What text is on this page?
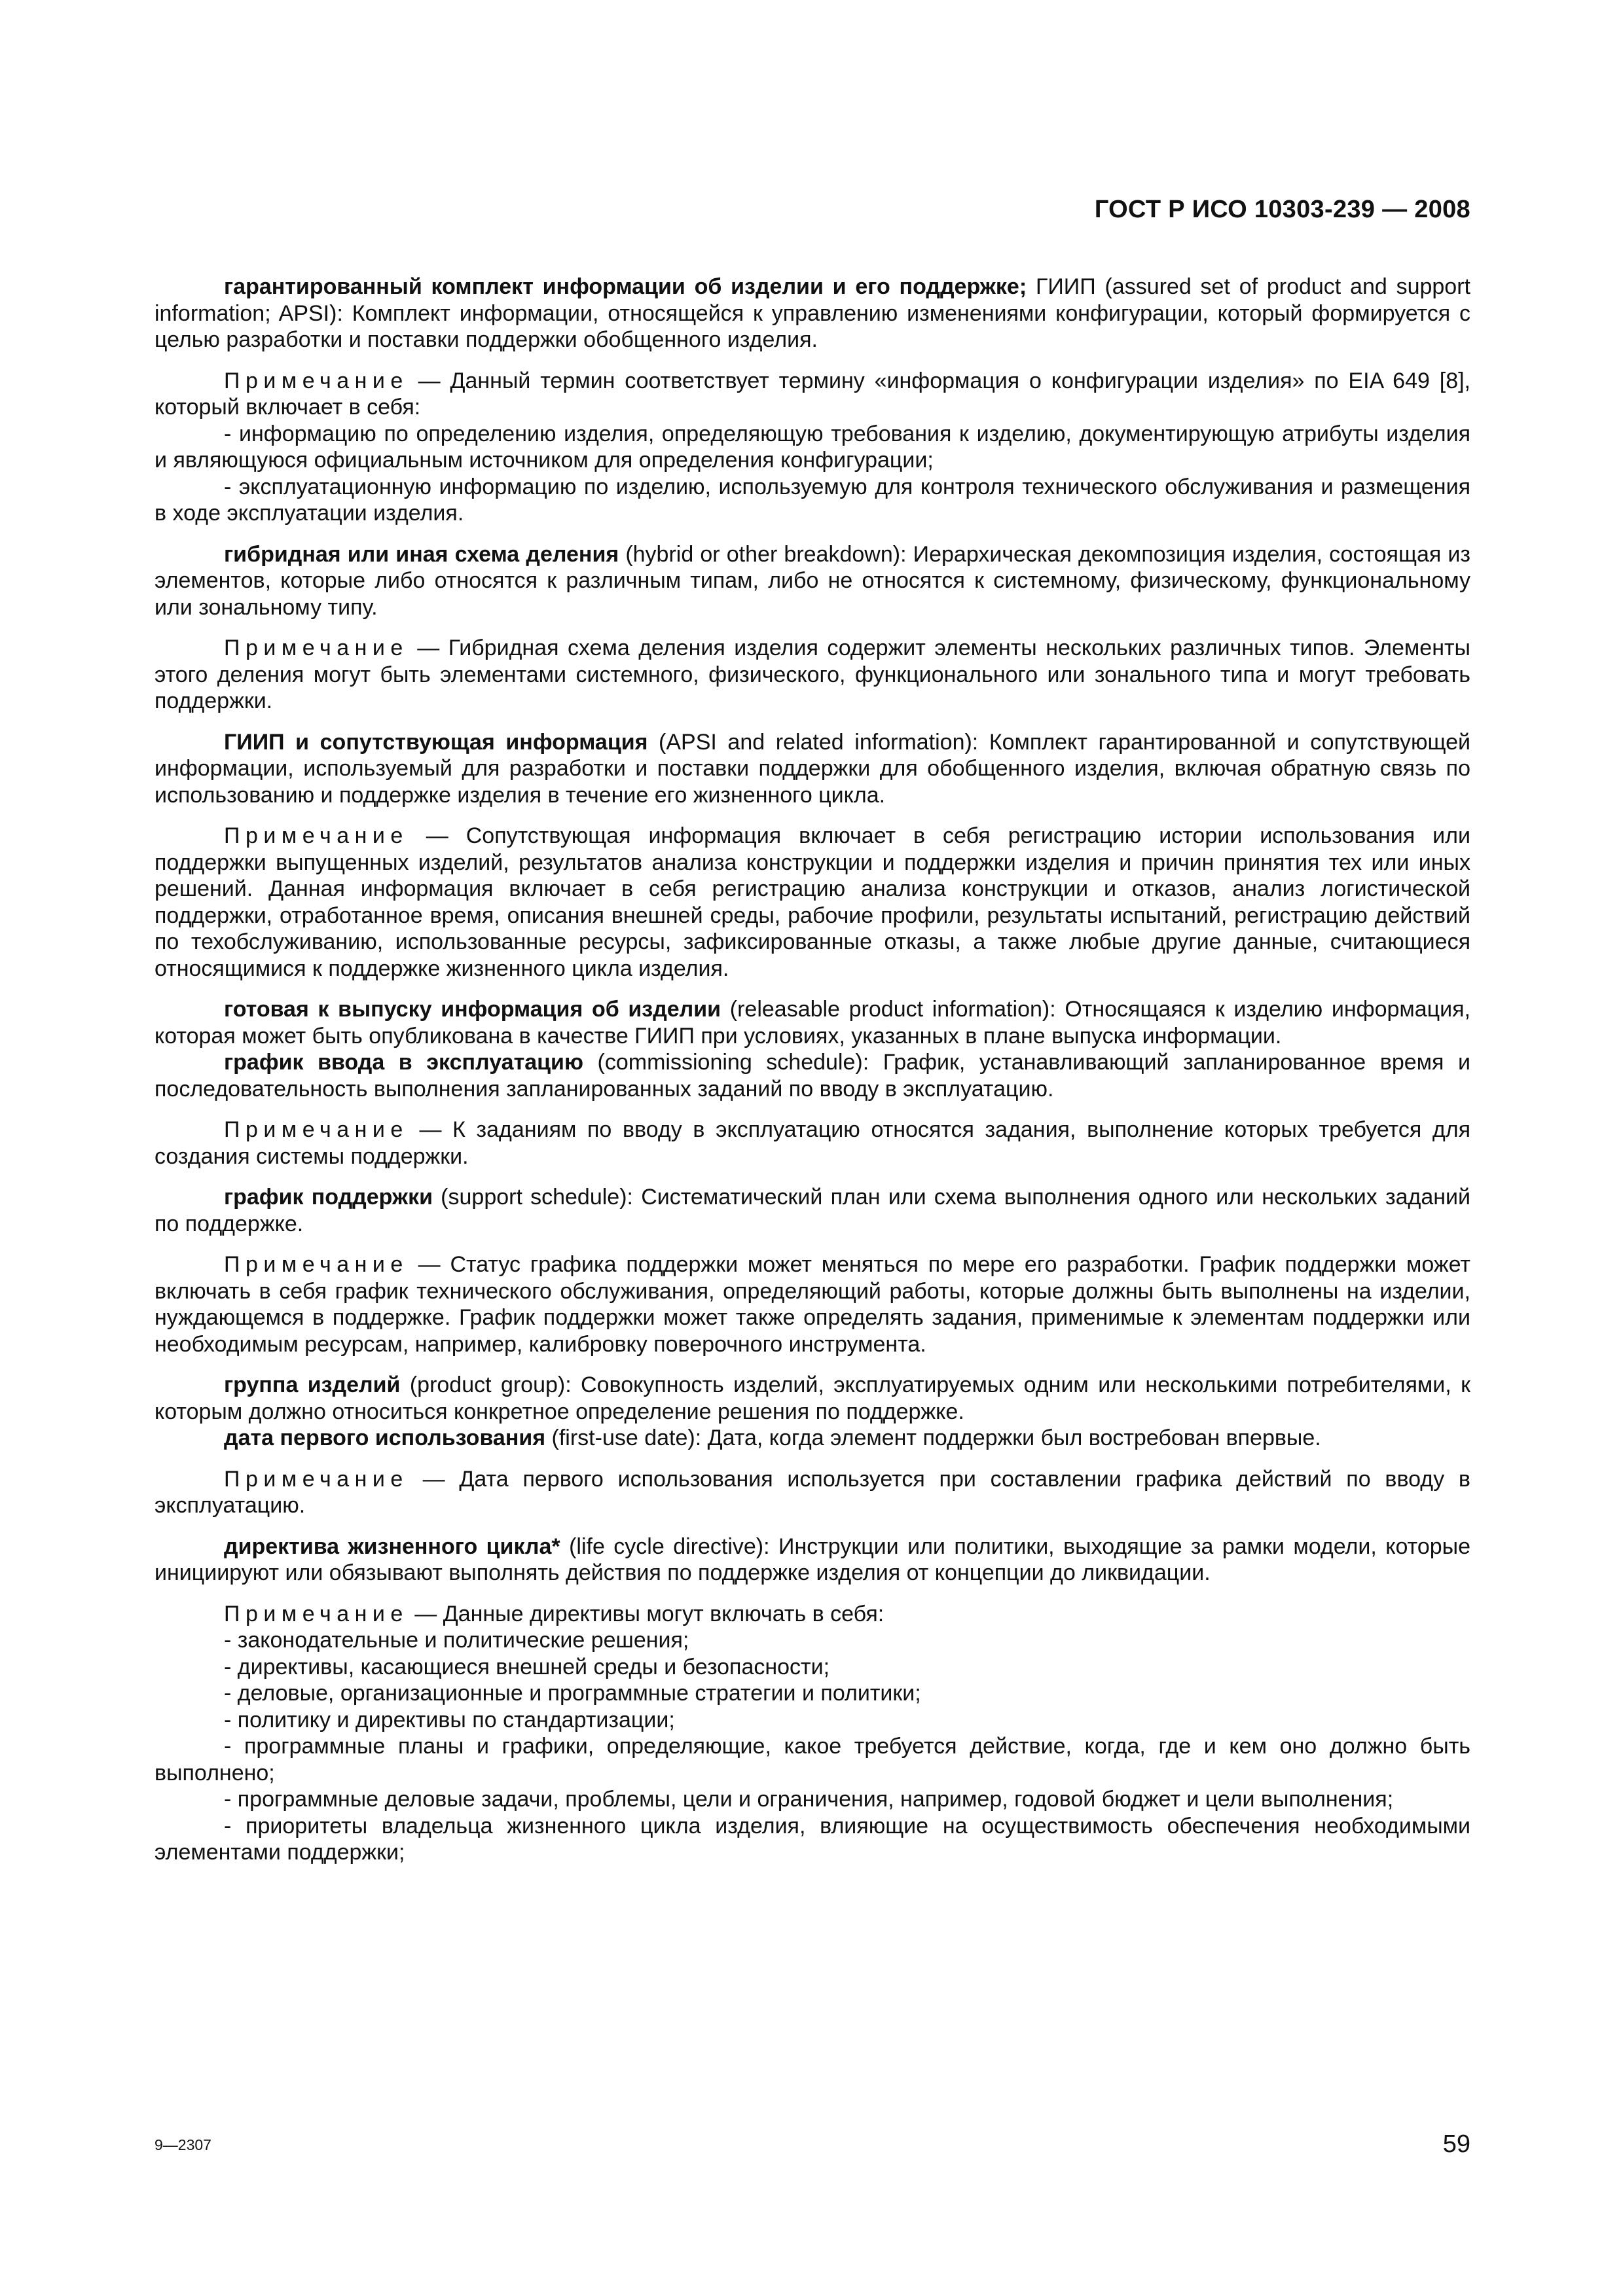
ГОСТ Р ИСО 10303-239 — 2008

гарантированный комплект информации об изделии и его поддержке; ГИИП (assured set of product and support information; APSI): Комплект информации, относящейся к управлению изменениями конфигурации, который формируется с целью разработки и поставки поддержки обобщенного изделия.

Примечание — Данный термин соответствует термину «информация о конфигурации изделия» по EIA 649 [8], который включает в себя:

- информацию по определению изделия, определяющую требования к изделию, документирующую атрибуты изделия и являющуюся официальным источником для определения конфигурации;

- эксплуатационную информацию по изделию, используемую для контроля технического обслуживания и размещения в ходе эксплуатации изделия.

гибридная или иная схема деления (hybrid or other breakdown): Иерархическая декомпозиция изделия, состоящая из элементов, которые либо относятся к различным типам, либо не относятся к системному, физическому, функциональному или зональному типу.

Примечание — Гибридная схема деления изделия содержит элементы нескольких различных типов. Элементы этого деления могут быть элементами системного, физического, функционального или зонального типа и могут требовать поддержки.

ГИИП и сопутствующая информация (APSI and related information): Комплект гарантированной и сопутствующей информации, используемый для разработки и поставки поддержки для обобщенного изделия, включая обратную связь по использованию и поддержке изделия в течение его жизненного цикла.

Примечание — Сопутствующая информация включает в себя регистрацию истории использования или поддержки выпущенных изделий, результатов анализа конструкции и поддержки изделия и причин принятия тех или иных решений. Данная информация включает в себя регистрацию анализа конструкции и отказов, анализ логистической поддержки, отработанное время, описания внешней среды, рабочие профили, результаты испытаний, регистрацию действий по техобслуживанию, использованные ресурсы, зафиксированные отказы, а также любые другие данные, считающиеся относящимися к поддержке жизненного цикла изделия.

готовая к выпуску информация об изделии (releasable product information): Относящаяся к изделию информация, которая может быть опубликована в качестве ГИИП при условиях, указанных в плане выпуска информации.

график ввода в эксплуатацию (commissioning schedule): График, устанавливающий запланированное время и последовательность выполнения запланированных заданий по вводу в эксплуатацию.

Примечание — К заданиям по вводу в эксплуатацию относятся задания, выполнение которых требуется для создания системы поддержки.

график поддержки (support schedule): Систематический план или схема выполнения одного или нескольких заданий по поддержке.

Примечание — Статус графика поддержки может меняться по мере его разработки. График поддержки может включать в себя график технического обслуживания, определяющий работы, которые должны быть выполнены на изделии, нуждающемся в поддержке. График поддержки может также определять задания, применимые к элементам поддержки или необходимым ресурсам, например, калибровку поверочного инструмента.

группа изделий (product group): Совокупность изделий, эксплуатируемых одним или несколькими потребителями, к которым должно относиться конкретное определение решения по поддержке.

дата первого использования (first-use date): Дата, когда элемент поддержки был востребован впервые.

Примечание — Дата первого использования используется при составлении графика действий по вводу в эксплуатацию.

директива жизненного цикла* (life cycle directive): Инструкции или политики, выходящие за рамки модели, которые инициируют или обязывают выполнять действия по поддержке изделия от концепции до ликвидации.

Примечание — Данные директивы могут включать в себя:

- законодательные и политические решения;

- директивы, касающиеся внешней среды и безопасности;

- деловые, организационные и программные стратегии и политики;

- политику и директивы по стандартизации;

- программные планы и графики, определяющие, какое требуется действие, когда, где и кем оно должно быть выполнено;

- программные деловые задачи, проблемы, цели и ограничения, например, годовой бюджет и цели выполнения;

- приоритеты владельца жизненного цикла изделия, влияющие на осуществимость обеспечения необходимыми элементами поддержки;

9—2307	59
